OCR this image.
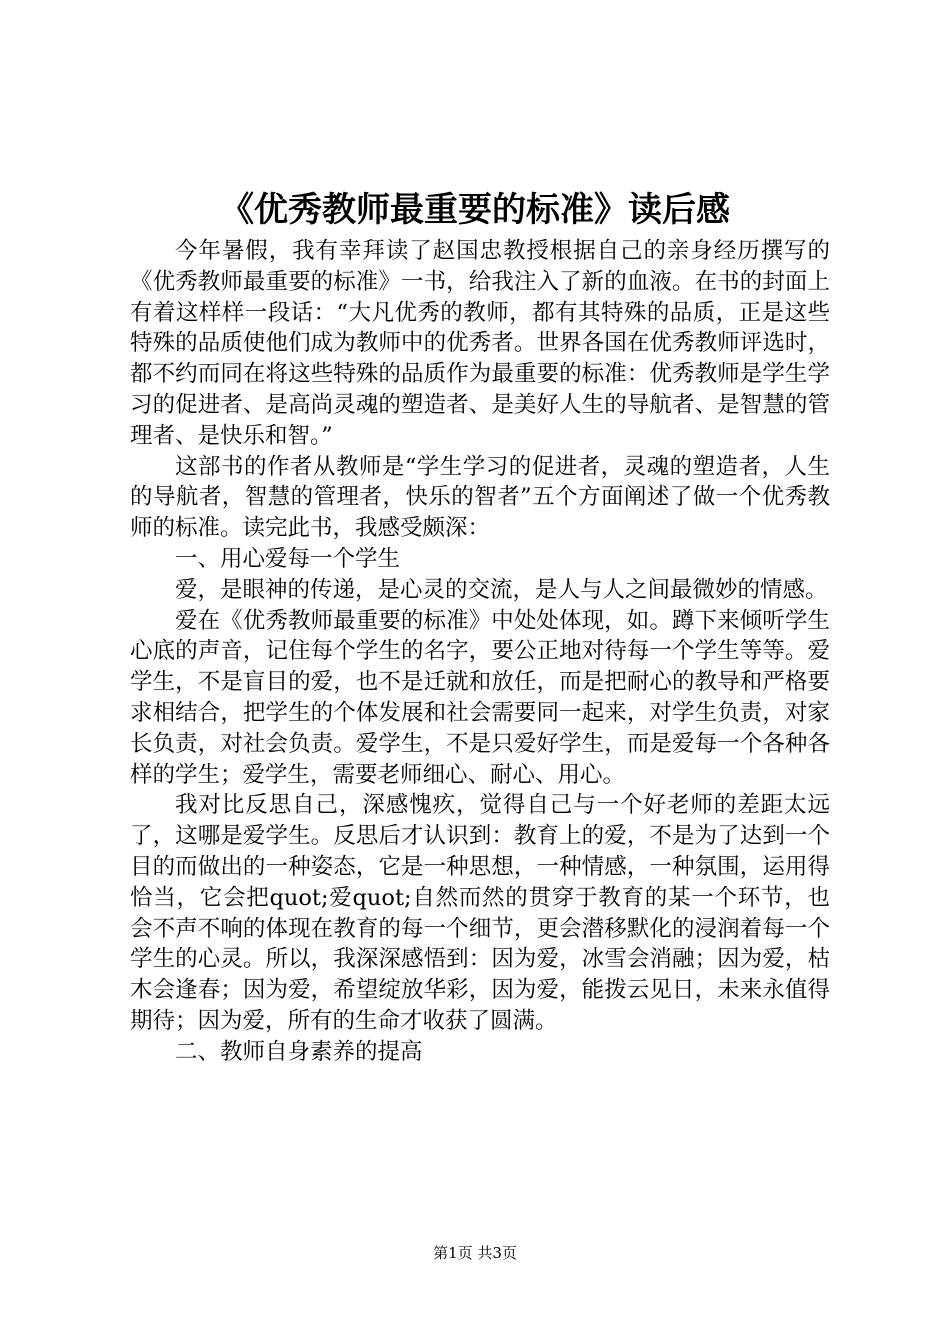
《优秀教师最重要的标准》读后感

今年暑假，我有幸拜读了赵国忠教授根据自己的亲身经历撰写的《优秀教师最重要的标准》一书，给我注入了新的血液。在书的封面上有着这样样一段话：“大凡优秀的教师，都有其特殊的品质，正是这些特殊的品质使他们成为教师中的优秀者。世界各国在优秀教师评选时，都不约而同在将这些特殊的品质作为最重要的标准：优秀教师是学生学习的促进者、是高尚灵魂的塑造者、是美好人生的导航者、是智慧的管理者、是快乐和智。”

这部书的作者从教师是“学生学习的促进者，灵魂的塑造者，人生的导航者，智慧的管理者，快乐的智者”五个方面阐述了做一个优秀教师的标准。读完此书，我感受颇深：

一、用心爱每一个学生

爱，是眼神的传递，是心灵的交流，是人与人之间最微妙的情感。

爱在《优秀教师最重要的标准》中处处体现，如。蹲下来倾听学生心底的声音，记住每个学生的名字，要公正地对待每一个学生等等。爱学生，不是盲目的爱，也不是迁就和放任，而是把耐心的教导和严格要求相结合，把学生的个体发展和社会需要同一起来，对学生负责，对家长负责，对社会负责。爱学生，不是只爱好学生，而是爱每一个各种各样的学生；爱学生，需要老师细心、耐心、用心。

我对比反思自己，深感愧疚，觉得自己与一个好老师的差距太远了，这哪是爱学生。反思后才认识到：教育上的爱，不是为了达到一个目的而做出的一种姿态，它是一种思想，一种情感，一种氛围，运用得恰当，它会把quot;爱quot;自然而然的贯穿于教育的某一个环节，也会不声不响的体现在教育的每一个细节，更会潜移默化的浸润着每一个学生的心灵。所以，我深深感悟到：因为爱，冰雪会消融；因为爱，枯木会逢春；因为爱，希望绽放华彩，因为爱，能拨云见日，未来永值得期待；因为爱，所有的生命才收获了圆满。

二、教师自身素养的提高

第1页 共3页
